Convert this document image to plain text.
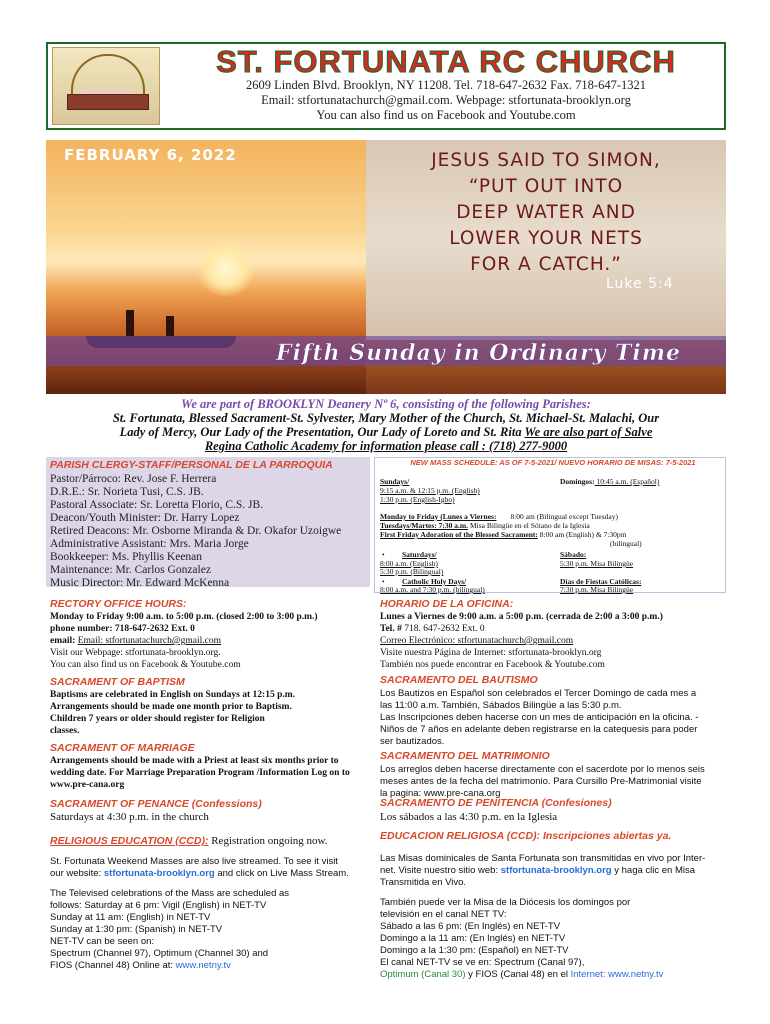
ST. FORTUNATA RC CHURCH
2609 Linden Blvd. Brooklyn, NY 11208. Tel. 718-647-2632 Fax. 718-647-1321
Email: stfortunatachurch@gmail.com. Webpage: stfortunata-brooklyn.org
You can also find us on Facebook and Youtube.com
FEBRUARY 6, 2022	JESUS SAID TO SIMON,
“PUT OUT INTO
DEEP WATER AND
LOWER YOUR NETS
FOR A CATCH.”
Luke 5:4
Fifth Sunday in Ordinary Time
We are part of BROOKLYN Deanery Nº 6, consisting of the following Parishes:
St. Fortunata, Blessed Sacrament-St. Sylvester, Mary Mother of the Church, St. Michael-St. Malachi, Our
Lady of Mercy, Our Lady of the Presentation, Our Lady of Loreto and St. Rita We are also part of Salve
Regina Catholic Academy for information please call : (718) 277-9000
PARISH CLERGY-STAFF/PERSONAL DE LA PARROQUIA
Pastor/Párroco: Rev. Jose F. Herrera
D.R.E.: Sr. Norieta Tusi, C.S. JB.
Pastoral Associate: Sr. Loretta Florio, C.S. JB.
Deacon/Youth Minister: Dr. Harry Lopez
Retired Deacons: Mr. Osborne Miranda & Dr. Okafor Uzoigwe
Administrative Assistant: Mrs. Maria Jorge
Bookkeeper: Ms. Phyllis Keenan
Maintenance: Mr. Carlos Gonzalez
Music Director: Mr. Edward McKenna
NEW MASS SCHEDULE: AS OF 7-5-2021/ NUEVO HORARIO DE MISAS: 7-5-2021
Sundays/
9:15 a.m. & 12:15 p.m. (English)
1:30 p.m. (English-Igbo)
Domingos: 10:45 a.m. (Español)
Monday to Friday (Lunes a Viernes: 8:00 am (Bilingual except Tuesday)
Tuesdays/Martes: 7:30 a.m. Misa Bilingüe en el Sótano de la Iglesia
First Friday Adoration of the Blessed Sacrament: 8:00 am (English) & 7:30pm
(bilingual)
• Saturdays/
8:00 a.m. (English)
5:30 p.m. (Bilingual)
Sábado:
5:30 p.m. Misa Bilingüe
• Catholic Holy Days/
8:00 a.m. and 7:30 p.m. (bilingual)
Días de Fiestas Católicas:
7:30 p.m. Misa Bilingüe
RECTORY OFFICE HOURS:
Monday to Friday 9:00 a.m. to 5:00 p.m. (closed 2:00 to 3:00 p.m.)
phone number: 718-647-2632 Ext. 0
email: Email: stfortunatachurch@gmail.com
Visit our Webpage: stfortunata-brooklyn.org.
You can also find us on Facebook & Youtube.com
HORARIO DE LA OFICINA:
Lunes a Viernes de 9:00 a.m. a 5:00 p.m. (cerrada de 2:00 a 3:00 p.m.)
Tel. # 718. 647-2632 Ext. 0
Correo Electrónico: stfortunatachurch@gmail.com
Visite nuestra Página de Internet: stfortunata-brooklyn.org
También nos puede encontrar en Facebook & Youtube.com
SACRAMENT OF BAPTISM
Baptisms are celebrated in English on Sundays at 12:15 p.m.
Arrangements should be made one month prior to Baptism.
Children 7 years or older should register for Religion
classes.
SACRAMENTO DEL BAUTISMO
Los Bautizos en Español son celebrados el Tercer Domingo de cada mes a
las 11:00 a.m. También, Sábados Bilingüe a las 5:30 p.m.
Las Inscripciones deben hacerse con un mes de anticipación en la oficina. -
Niños de 7 años en adelante deben registrarse en la catequesis para poder
ser bautizados.
SACRAMENT OF MARRIAGE
Arrangements should be made with a Priest at least six months prior to
wedding date. For Marriage Preparation Program /Information Log on to
www.pre-cana.org
SACRAMENTO DEL MATRIMONIO
Los arreglos deben hacerse directamente con el sacerdote por lo menos seis
meses antes de la fecha del matrimonio. Para Cursillo Pre-Matrimonial visite
la pagina: www.pre-cana.org
SACRAMENT OF PENANCE (Confessions)
Saturdays at 4:30 p.m. in the church
SACRAMENTO DE PENITENCIA (Confesiones)
Los sábados a las 4:30 p.m. en la Iglesia
RELIGIOUS EDUCATION (CCD): Registration ongoing now.	EDUCACION RELIGIOSA (CCD): Inscripciones abiertas ya.
St. Fortunata Weekend Masses are also live streamed. To see it visit
our website: stfortunata-brooklyn.org and click on Live Mass Stream.
The Televised celebrations of the Mass are scheduled as
follows: Saturday at 6 pm: Vigil (English) in NET-TV
Sunday at 11 am: (English) in NET-TV
Sunday at 1:30 pm: (Spanish) in NET-TV
NET-TV can be seen on:
Spectrum (Channel 97), Optimum (Channel 30) and
FIOS (Channel 48) Online at: www.netny.tv
Las Misas dominicales de Santa Fortunata son transmitidas en vivo por Inter-
net. Visite nuestro sitio web: stfortunata-brooklyn.org y haga clic en Misa
Transmitida en Vivo.
También puede ver la Misa de la Diócesis los domingos por
televisión en el canal NET TV:
Sábado a las 6 pm: (En Inglés) en NET-TV
Domingo a la 11 am: (En Inglés) en NET-TV
Domingo a la 1:30 pm: (Español) en NET-TV
El canal NET-TV se ve en: Spectrum (Canal 97),
Optimum (Canal 30) y FIOS (Canal 48) en el Internet: www.netny.tv
